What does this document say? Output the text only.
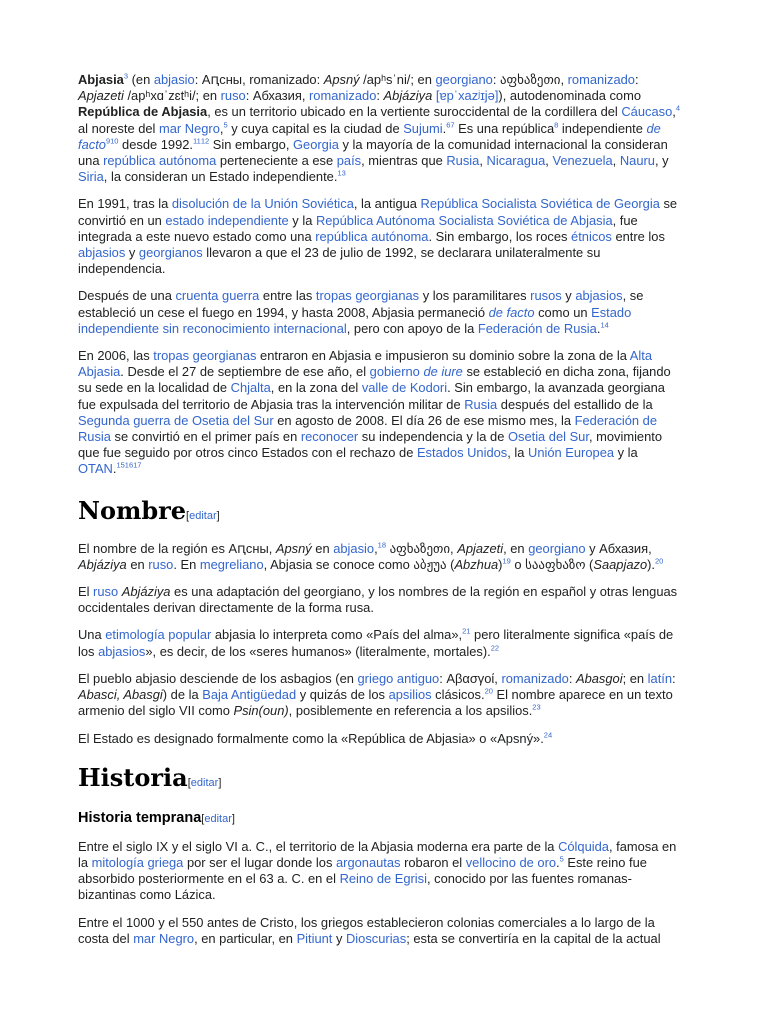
Abjasia$^3$ (en abjasio: Аԥсны, romanizado: Apsný /apʰsˈni/; en georgiano: აფხაზეთი, romanizado: Apjazeti /apʰxɑˈzɛtʰi/; en ruso: Абхазия, romanizado: Abjáziya [ɐpˈxazʲɪjə]), autodenominada como República de Abjasia, es un territorio ubicado en la vertiente suroccidental de la cordillera del Cáucaso,$^4$ al noreste del mar Negro,$^5$ y cuya capital es la ciudad de Sujumi.$^{67}$ Es una república$^8$ independiente de facto$^{910}$ desde 1992.$^{1112}$ Sin embargo, Georgia y la mayoría de la comunidad internacional la consideran una república autónoma perteneciente a ese país, mientras que Rusia, Nicaragua, Venezuela, Nauru, y Siria, la consideran un Estado independiente.$^{13}$

En 1991, tras la disolución de la Unión Soviética, la antigua República Socialista Soviética de Georgia se convirtió en un estado independiente y la República Autónoma Socialista Soviética de Abjasia, fue integrada a este nuevo estado como una república autónoma. Sin embargo, los roces étnicos entre los abjasios y georgianos llevaron a que el 23 de julio de 1992, se declarara unilateralmente su independencia.

Después de una cruenta guerra entre las tropas georgianas y los paramilitares rusos y abjasios, se estableció un cese el fuego en 1994, y hasta 2008, Abjasia permaneció de facto como un Estado independiente sin reconocimiento internacional, pero con apoyo de la Federación de Rusia.$^{14}$

En 2006, las tropas georgianas entraron en Abjasia e impusieron su dominio sobre la zona de la Alta Abjasia. Desde el 27 de septiembre de ese año, el gobierno de iure se estableció en dicha zona, fijando su sede en la localidad de Chjalta, en la zona del valle de Kodori. Sin embargo, la avanzada georgiana fue expulsada del territorio de Abjasia tras la intervención militar de Rusia después del estallido de la Segunda guerra de Osetia del Sur en agosto de 2008. El día 26 de ese mismo mes, la Federación de Rusia se convirtió en el primer país en reconocer su independencia y la de Osetia del Sur, movimiento que fue seguido por otros cinco Estados con el rechazo de Estados Unidos, la Unión Europea y la OTAN.$^{151617}$

Nombre[editar]

El nombre de la región es Аԥсны, Apsný en abjasio,$^{18}$ აფხაზეთი, Apjazeti, en georgiano y Абхазия, Abjáziya en ruso. En megreliano, Abjasia se conoce como აბჟუა (Abzhua)$^{19}$ o სააფხაზო (Saapjazo).$^{20}$

El ruso Abjáziya es una adaptación del georgiano, y los nombres de la región en español y otras lenguas occidentales derivan directamente de la forma rusa.

Una etimología popular abjasia lo interpreta como «País del alma»,$^{21}$ pero literalmente significa «país de los abjasios», es decir, de los «seres humanos» (literalmente, mortales).$^{22}$

El pueblo abjasio desciende de los asbagios (en griego antiguo: Αβασγοί, romanizado: Abasgoi; en latín: Abasci, Abasgi) de la Baja Antigüedad y quizás de los apsilios clásicos.$^{20}$ El nombre aparece en un texto armenio del siglo VII como Psin(oun), posiblemente en referencia a los apsilios.$^{23}$

El Estado es designado formalmente como la «República de Abjasia» o «Apsný».$^{24}$

Historia[editar]
Historia temprana[editar]

Entre el siglo IX y el siglo VI a. C., el territorio de la Abjasia moderna era parte de la Cólquida, famosa en la mitología griega por ser el lugar donde los argonautas robaron el vellocino de oro.$^5$ Este reino fue absorbido posteriormente en el 63 a. C. en el Reino de Egrisi, conocido por las fuentes romanas-bizantinas como Lázica.

Entre el 1000 y el 550 antes de Cristo, los griegos establecieron colonias comerciales a lo largo de la costa del mar Negro, en particular, en Pitiunt y Dioscurias; esta se convertiría en la capital de la actual
